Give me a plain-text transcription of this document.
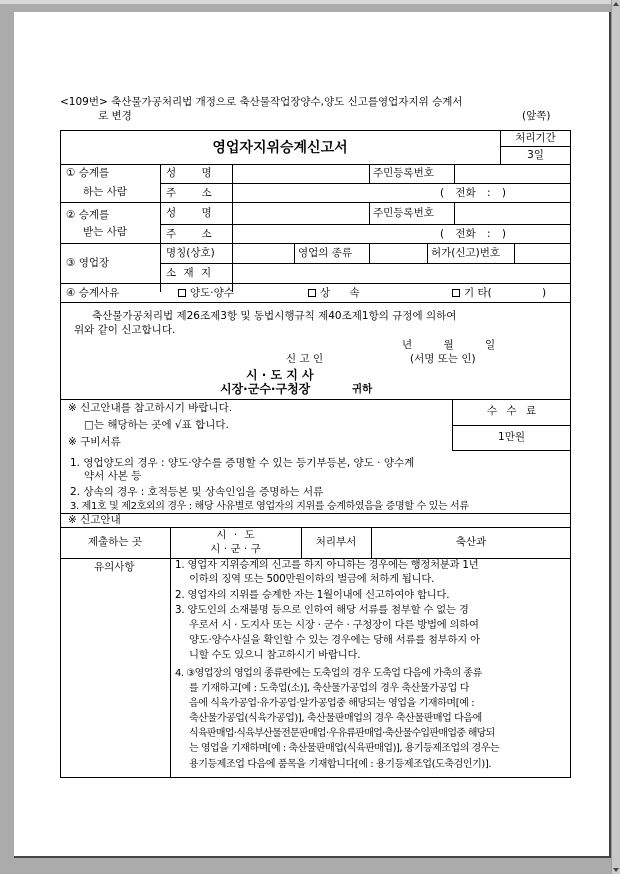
<109번> 축산물가공처리법 개정으로 축산물작업장양수,양도 신고를영업자지위 승계서
로 변경	(앞쪽)
영업자지위승계신고서
처리기간
3일
① 승계를
하는 사람
성 명	주민등록번호
주 소	( 전화 : )
② 승계를
받는 사람
성 명	주민등록번호
주 소	( 전화 : )
③ 영업장
명칭(상호)	영업의 종류	허가(신고)번호
소 재 지
④ 승계사유	양도·양수	상 속	기 타(	)
축산물가공처리법 제26조제3항 및 동법시행규칙 제40조제1항의 규정에 의하여
위와 같이 신고합니다.
년 월 일
신 고 인	(서명 또는 인)
시 · 도 지 사
시장·군수·구청장	귀하
수 수 료
1만원
※ 신고안내를 참고하시기 바랍니다.
□는 해당하는 곳에 √표 합니다.
※ 구비서류
1. 영업양도의 경우 : 양도·양수를 증명할 수 있는 등기부등본, 양도 · 양수계
약서 사본 등
2. 상속의 경우 : 호적등본 및 상속인임을 증명하는 서류
3. 제1호 및 제2호외의 경우 : 해당 사유별로 영업자의 지위를 승계하였음을 증명할 수 있는 서류
※ 신고안내
제출하는 곳
시 · 도
시 · 군 · 구
처리부서	축산과
유의사항	1. 영업자 지위승계의 신고를 하지 아니하는 경우에는 행정처분과 1년
이하의 징역 또는 500만원이하의 벌금에 처하게 됩니다.
2. 영업자의 지위를 승계한 자는 1월이내에 신고하여야 합니다.
3. 양도인의 소재불명 등으로 인하여 해당 서류를 첨부할 수 없는 경
우로서 시 · 도지사 또는 시장 · 군수 · 구청장이 다른 방법에 의하여
양도·양수사실을 확인할 수 있는 경우에는 당해 서류를 첨부하지 아
니할 수도 있으니 참고하시기 바랍니다.
4. ③영업장의 영업의 종류란에는 도축업의 경우 도축업 다음에 가축의 종류
를 기재하고[예 : 도축업(소)], 축산물가공업의 경우 축산물가공업 다
음에 식육가공업·유가공업·알가공업중 해당되는 영업을 기재하며[예 :
축산물가공업(식육가공업)], 축산물판매업의 경우 축산물판매업 다음에
식육판매업·식육부산물전문판매업·우유류판매업·축산물수입판매업중 해당되
는 영업을 기재하며[예 : 축산물판매업(식육판매업)], 용기등제조업의 경우는
용기등제조업 다음에 품목을 기재합니다[예 : 용기등제조업(도축검인기)].
